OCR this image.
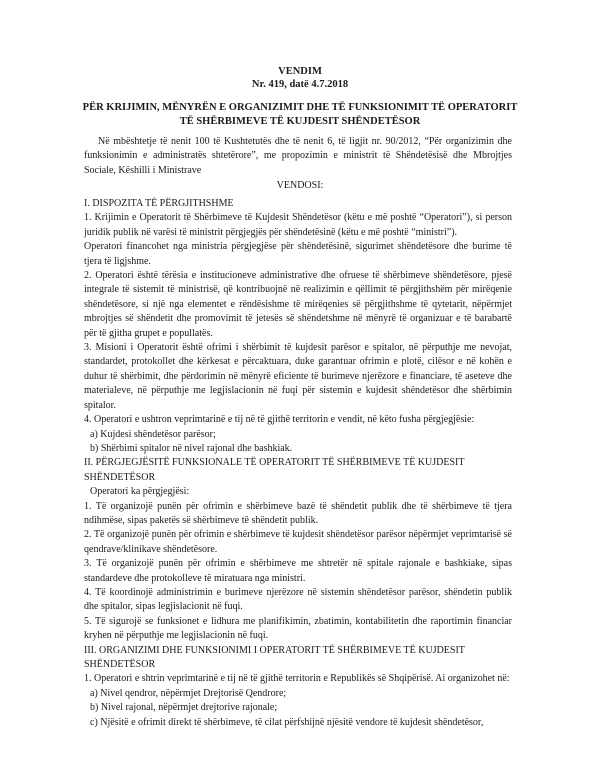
VENDIM
Nr. 419, datë 4.7.2018
PËR KRIJIMIN, MËNYRËN E ORGANIZIMIT DHE TË FUNKSIONIMIT TË OPERATORIT TË SHËRBIMEVE TË KUJDESIT SHËNDETËSOR
Në mbështetje të nenit 100 të Kushtetutës dhe të nenit 6, të ligjit nr. 90/2012, “Për organizimin dhe funksionimin e administratës shtetërore”, me propozimin e ministrit të Shëndetësisë dhe Mbrojtjes Sociale, Këshilli i Ministrave
VENDOSI:
I. DISPOZITA TË PËRGJITHSHME
1. Krijimin e Operatorit të Shërbimeve të Kujdesit Shëndetësor (këtu e më poshtë “Operatori”), si person juridik publik në varësi të ministrit përgjegjës për shëndetësinë (këtu e më poshtë “ministri”).
Operatori financohet nga ministria përgjegjëse për shëndetësinë, sigurimet shëndetësore dhe burime të tjera të ligjshme.
2. Operatori është tërësia e institucioneve administrative dhe ofruese të shërbimeve shëndetësore, pjesë integrale të sistemit të ministrisë, që kontribuojnë në realizimin e qëllimit të përgjithshëm për mirëqenie shëndetësore, si një nga elementet e rëndësishme të mirëqenies së përgjithshme të qytetarit, nëpërmjet mbrojtjes së shëndetit dhe promovimit të jetesës së shëndetshme në mënyrë të organizuar e të barabartë për të gjitha grupet e popullatës.
3. Misioni i Operatorit është ofrimi i shërbimit të kujdesit parësor e spitalor, në përputhje me nevojat, standardet, protokollet dhe kërkesat e përcaktuara, duke garantuar ofrimin e plotë, cilësor e në kohën e duhur të shërbimit, dhe përdorimin në mënyrë eficiente të burimeve njerëzore e financiare, të aseteve dhe materialeve, në përputhje me legjislacionin në fuqi për sistemin e kujdesit shëndetësor dhe shërbimin spitalor.
4. Operatori e ushtron veprimtarinë e tij në të gjithë territorin e vendit, në këto fusha përgjegjësie:
a) Kujdesi shëndetësor parësor;
b) Shërbimi spitalor në nivel rajonal dhe bashkiak.
II. PËRGJEGJËSITË FUNKSIONALE TË OPERATORIT TË SHËRBIMEVE TË KUJDESIT SHËNDETËSOR
Operatori ka përgjegjësi:
1. Të organizojë punën për ofrimin e shërbimeve bazë të shëndetit publik dhe të shërbimeve të tjera ndihmëse, sipas paketës së shërbimeve të shëndetit publik.
2. Të organizojë punën për ofrimin e shërbimeve të kujdesit shëndetësor parësor nëpërmjet veprimtarisë së qendrave/klinikave shëndetësore.
3. Të organizojë punën për ofrimin e shërbimeve me shtretër në spitale rajonale e bashkiake, sipas standardeve dhe protokolleve të miratuara nga ministri.
4. Të koordinojë administrimin e burimeve njerëzore në sistemin shëndetësor parësor, shëndetin publik dhe spitalor, sipas legjislacionit në fuqi.
5. Të sigurojë se funksionet e lidhura me planifikimin, zbatimin, kontabilitetin dhe raportimin financiar kryhen në përputhje me legjislacionin në fuqi.
III. ORGANIZIMI DHE FUNKSIONIMI I OPERATORIT TË SHËRBIMEVE TË KUJDESIT SHËNDETËSOR
1. Operatori e shtrin veprimtarinë e tij në të gjithë territorin e Republikës së Shqipërisë. Ai organizohet në:
a) Nivel qendror, nëpërmjet Drejtorisë Qendrore;
b) Nivel rajonal, nëpërmjet drejtorive rajonale;
c) Njësitë e ofrimit direkt të shërbimeve, të cilat përfshijnë njësitë vendore të kujdesit shëndetësor,
